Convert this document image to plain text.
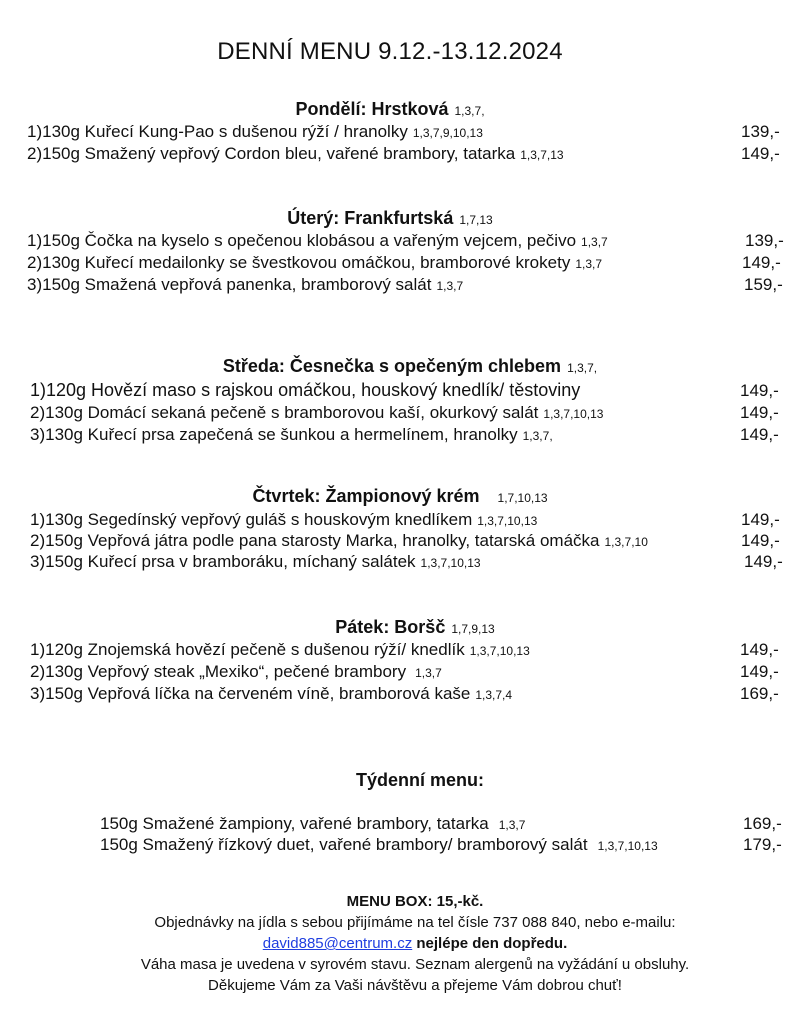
DENNÍ MENU 9.12.-13.12.2024
Pondělí: Hrstková 1,3,7,
1)130g Kuřecí Kung-Pao s dušenou rýží / hranolky 1,3,7,9,10,13	139,-
2)150g Smažený vepřový Cordon bleu, vařené brambory, tatarka 1,3,7,13	149,-
Úterý: Frankfurtská 1,7,13
1)150g Čočka na kyselo s opečenou klobásou a vařeným vejcem, pečivo 1,3,7	139,-
2)130g Kuřecí medailonky se švestkovou omáčkou, bramborové krokety 1,3,7	149,-
3)150g Smažená vepřová panenka, bramborový salát 1,3,7	159,-
Středa: Česnečka s opečeným chlebem 1,3,7,
1)120g Hovězí maso s rajskou omáčkou, houskový knedlík/ těstoviny	149,-
2)130g Domácí sekaná pečeně s bramborovou kaší, okurkový salát 1,3,7,10,13	149,-
3)130g Kuřecí prsa zapečená se šunkou a hermelínem, hranolky 1,3,7,	149,-
Čtvrtek: Žampionový krém 1,7,10,13
1)130g Segedínský vepřový guláš s houskovým knedlíkem 1,3,7,10,13	149,-
2)150g Vepřová játra podle pana starosty Marka, hranolky, tatarská omáčka 1,3,7,10	149,-
3)150g Kuřecí prsa v bramboráku, míchaný salátek 1,3,7,10,13	149,-
Pátek: Boršč 1,7,9,13
1)120g Znojemská hovězí pečeně s dušenou rýží/ knedlík 1,3,7,10,13	149,-
2)130g Vepřový steak „Mexiko“, pečené brambory 1,3,7	149,-
3)150g Vepřová líčka na červeném víně, bramborová kaše 1,3,7,4	169,-
Týdenní menu:
150g Smažené žampiony, vařené brambory, tatarka 1,3,7	169,-
150g Smažený řízkový duet, vařené brambory/ bramborový salát 1,3,7,10,13	179,-
MENU BOX: 15,-kč.
Objednávky na jídla s sebou přijímáme na tel čísle 737 088 840, nebo e-mailu:
david885@centrum.cz nejlépe den dopředu.
Váha masa je uvedena v syrovém stavu. Seznam alergenů na vyžádání u obsluhy.
Děkujeme Vám za Vaši návštěvu a přejeme Vám dobrou chuť!
